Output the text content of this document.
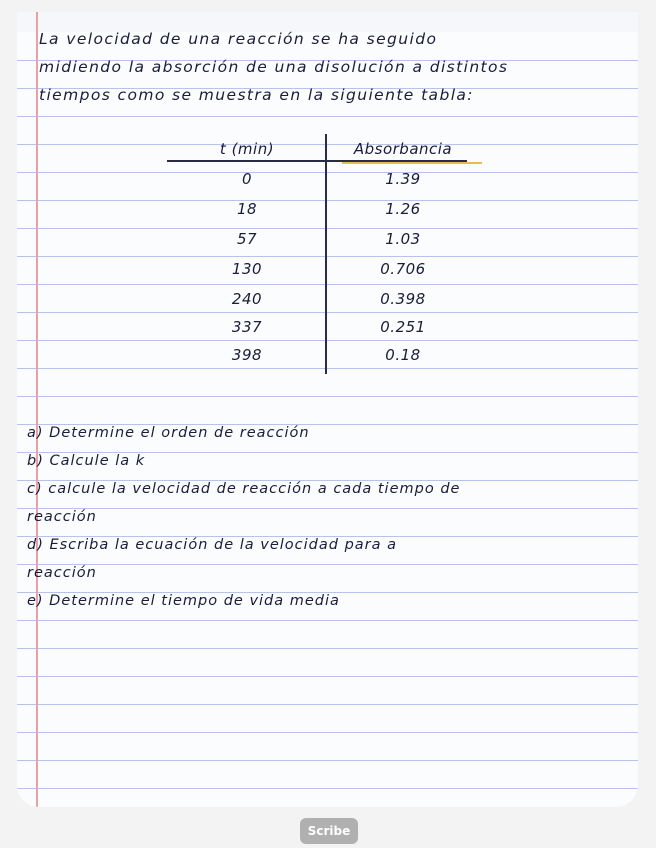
La velocidad de una reacción se ha seguido
midiendo la absorción de una disolución a distintos
tiempos como se muestra en la siguiente tabla:
t (min)	Absorbancia
0	1.39
18	1.26
57	1.03
130	0.706
240	0.398
337	0.251
398	0.18
a) Determine el orden de reacción
b) Calcule la k
c) calcule la velocidad de reacción a cada tiempo de
reacción
d) Escriba la ecuación de la velocidad para a
reacción
e) Determine el tiempo de vida media
Scribe
